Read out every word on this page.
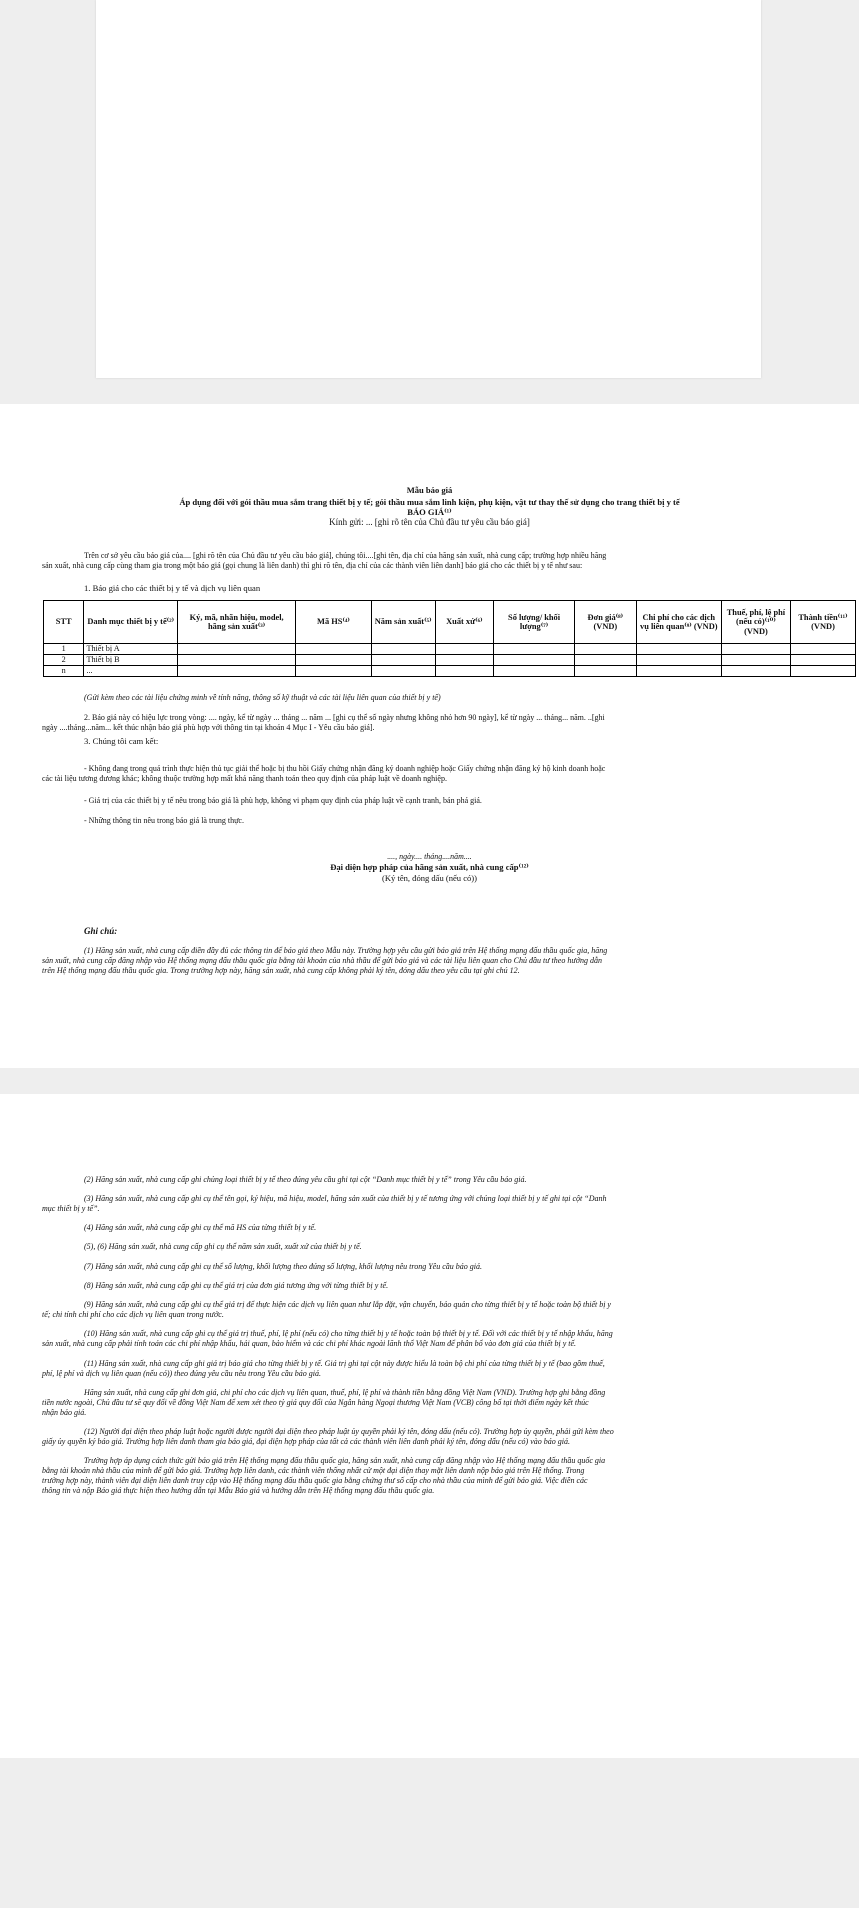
Mẫu báo giá
Áp dụng đối với gói thầu mua sắm trang thiết bị y tế; gói thầu mua sắm linh kiện, phụ kiện, vật tư thay thế sử dụng cho trang thiết bị y tế
BÁO GIÁ⁽¹⁾
Kính gửi: ... [ghi rõ tên của Chủ đầu tư yêu cầu báo giá]
Trên cơ sở yêu cầu báo giá của.... [ghi rõ tên của Chủ đầu tư yêu cầu báo giá], chúng tôi....[ghi tên, địa chỉ của hãng sản xuất, nhà cung cấp; trường hợp nhiều hãng
sản xuất, nhà cung cấp cùng tham gia trong một báo giá (gọi chung là liên danh) thì ghi rõ tên, địa chỉ của các thành viên liên danh] báo giá cho các thiết bị y tế như sau:
1. Báo giá cho các thiết bị y tế và dịch vụ liên quan
STT	Danh mục thiết bị y tế⁽²⁾	Ký, mã, nhãn hiệu, model, hãng sản xuất⁽³⁾	Mã HS⁽⁴⁾	Năm sản xuất⁽⁵⁾	Xuất xứ⁽⁶⁾	Số lượng/ khối lượng⁽⁷⁾	Đơn giá⁽⁸⁾ (VND)	Chi phí cho các dịch vụ liên quan⁽⁹⁾ (VND)	Thuế, phí, lệ phí (nếu có)⁽¹⁰⁾ (VND)	Thành tiền⁽¹¹⁾ (VND)
1	Thiết bị A									
2	Thiết bị B									
n	...									
(Gửi kèm theo các tài liệu chứng minh về tính năng, thông số kỹ thuật và các tài liệu liên quan của thiết bị y tế)
2. Báo giá này có hiệu lực trong vòng: .... ngày, kể từ ngày ... tháng ... năm ... [ghi cụ thể số ngày nhưng không nhỏ hơn 90 ngày], kể từ ngày ... tháng... năm. ..[ghi
ngày ....tháng...năm... kết thúc nhận báo giá phù hợp với thông tin tại khoản 4 Mục I - Yêu cầu báo giá].
3. Chúng tôi cam kết:
- Không đang trong quá trình thực hiện thủ tục giải thể hoặc bị thu hồi Giấy chứng nhận đăng ký doanh nghiệp hoặc Giấy chứng nhận đăng ký hộ kinh doanh hoặc
các tài liệu tương đương khác; không thuộc trường hợp mất khả năng thanh toán theo quy định của pháp luật về doanh nghiệp.
- Giá trị của các thiết bị y tế nêu trong báo giá là phù hợp, không vi phạm quy định của pháp luật về cạnh tranh, bán phá giá.
- Những thông tin nêu trong báo giá là trung thực.
...., ngày.... tháng....năm....
Đại diện hợp pháp của hãng sản xuất, nhà cung cấp⁽¹²⁾
(Ký tên, đóng dấu (nếu có))
Ghi chú:
(1) Hãng sản xuất, nhà cung cấp điền đầy đủ các thông tin để báo giá theo Mẫu này. Trường hợp yêu cầu gửi báo giá trên Hệ thống mạng đấu thầu quốc gia, hãng
sản xuất, nhà cung cấp đăng nhập vào Hệ thống mạng đấu thầu quốc gia bằng tài khoản của nhà thầu để gửi báo giá và các tài liệu liên quan cho Chủ đầu tư theo hướng dẫn
trên Hệ thống mạng đấu thầu quốc gia. Trong trường hợp này, hãng sản xuất, nhà cung cấp không phải ký tên, đóng dấu theo yêu cầu tại ghi chú 12.
(2) Hãng sản xuất, nhà cung cấp ghi chủng loại thiết bị y tế theo đúng yêu cầu ghi tại cột “Danh mục thiết bị y tế” trong Yêu cầu báo giá.
(3) Hãng sản xuất, nhà cung cấp ghi cụ thể tên gọi, ký hiệu, mã hiệu, model, hãng sản xuất của thiết bị y tế tương ứng với chủng loại thiết bị y tế ghi tại cột “Danh
mục thiết bị y tế”.
(4) Hãng sản xuất, nhà cung cấp ghi cụ thể mã HS của từng thiết bị y tế.
(5), (6) Hãng sản xuất, nhà cung cấp ghi cụ thể năm sản xuất, xuất xứ của thiết bị y tế.
(7) Hãng sản xuất, nhà cung cấp ghi cụ thể số lượng, khối lượng theo đúng số lượng, khối lượng nêu trong Yêu cầu báo giá.
(8) Hãng sản xuất, nhà cung cấp ghi cụ thể giá trị của đơn giá tương ứng với từng thiết bị y tế.
(9) Hãng sản xuất, nhà cung cấp ghi cụ thể giá trị để thực hiện các dịch vụ liên quan như lắp đặt, vận chuyển, bảo quản cho từng thiết bị y tế hoặc toàn bộ thiết bị y
tế; chi tính chi phí cho các dịch vụ liên quan trong nước.
(10) Hãng sản xuất, nhà cung cấp ghi cụ thể giá trị thuế, phí, lệ phí (nếu có) cho từng thiết bị y tế hoặc toàn bộ thiết bị y tế. Đối với các thiết bị y tế nhập khẩu, hãng
sản xuất, nhà cung cấp phải tính toán các chi phí nhập khẩu, hải quan, bảo hiểm và các chi phí khác ngoài lãnh thổ Việt Nam để phân bổ vào đơn giá của thiết bị y tế.
(11) Hãng sản xuất, nhà cung cấp ghi giá trị báo giá cho từng thiết bị y tế. Giá trị ghi tại cột này được hiểu là toàn bộ chi phí của từng thiết bị y tế (bao gồm thuế,
phí, lệ phí và dịch vụ liên quan (nếu có)) theo đúng yêu cầu nêu trong Yêu cầu báo giá.
Hãng sản xuất, nhà cung cấp ghi đơn giá, chi phí cho các dịch vụ liên quan, thuế, phí, lệ phí và thành tiền bằng đồng Việt Nam (VND). Trường hợp ghi bằng đồng
tiền nước ngoài, Chủ đầu tư sẽ quy đổi về đồng Việt Nam để xem xét theo tỷ giá quy đổi của Ngân hàng Ngoại thương Việt Nam (VCB) công bố tại thời điểm ngày kết thúc
nhận báo giá.
(12) Người đại diện theo pháp luật hoặc người được người đại diện theo pháp luật ủy quyền phải ký tên, đóng dấu (nếu có). Trường hợp ủy quyền, phải gửi kèm theo
giấy ủy quyền ký báo giá. Trường hợp liên danh tham gia báo giá, đại diện hợp pháp của tất cả các thành viên liên danh phải ký tên, đóng dấu (nếu có) vào báo giá.
Trường hợp áp dụng cách thức gửi báo giá trên Hệ thống mạng đấu thầu quốc gia, hãng sản xuất, nhà cung cấp đăng nhập vào Hệ thống mạng đấu thầu quốc gia
bằng tài khoản nhà thầu của mình để gửi báo giá. Trường hợp liên danh, các thành viên thống nhất cử một đại diện thay mặt liên danh nộp báo giá trên Hệ thống. Trong
trường hợp này, thành viên đại diện liên danh truy cập vào Hệ thống mạng đấu thầu quốc gia bằng chứng thư số cấp cho nhà thầu của mình để gửi báo giá. Việc điền các
thông tin và nộp Báo giá thực hiện theo hướng dẫn tại Mẫu Báo giá và hướng dẫn trên Hệ thống mạng đấu thầu quốc gia.
